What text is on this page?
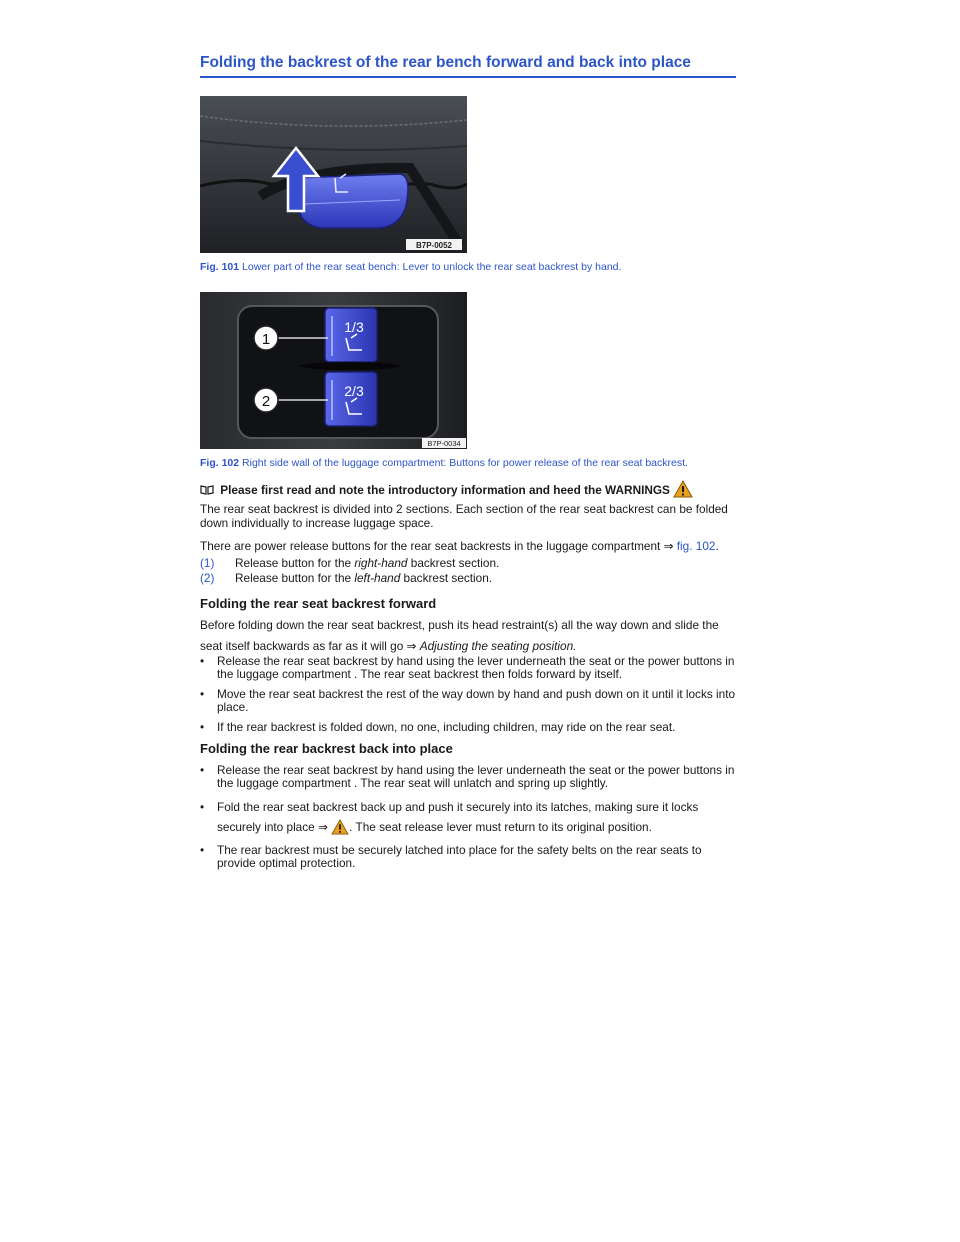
Folding the backrest of the rear bench forward and back into place
B7P-0052

Fig. 101 Lower part of the rear seat bench: Lever to unlock the rear seat backrest by hand.

1/3
2/3
1
2
B7P-0034

Fig. 102 Right side wall of the luggage compartment: Buttons for power release of the rear seat backrest.

Please first read and note the introductory information and heed the WARNINGS
The rear seat backrest is divided into 2 sections. Each section of the rear seat backrest can be folded down individually to increase luggage space.
There are power release buttons for the rear seat backrests in the luggage compartment ⇒ fig. 102.
(1) Release button for the right-hand backrest section.
(2) Release button for the left-hand backrest section.
Folding the rear seat backrest forward
Before folding down the rear seat backrest, push its head restraint(s) all the way down and slide the seat itself backwards as far as it will go ⇒ Adjusting the seating position.
• Release the rear seat backrest by hand using the lever underneath the seat or the power buttons in the luggage compartment . The rear seat backrest then folds forward by itself.
• Move the rear seat backrest the rest of the way down by hand and push down on it until it locks into place.
• If the rear backrest is folded down, no one, including children, may ride on the rear seat.
Folding the rear backrest back into place
• Release the rear seat backrest by hand using the lever underneath the seat or the power buttons in the luggage compartment . The rear seat will unlatch and spring up slightly.
• Fold the rear seat backrest back up and push it securely into its latches, making sure it locks securely into place ⇒ . The seat release lever must return to its original position.
• The rear backrest must be securely latched into place for the safety belts on the rear seats to provide optimal protection.
